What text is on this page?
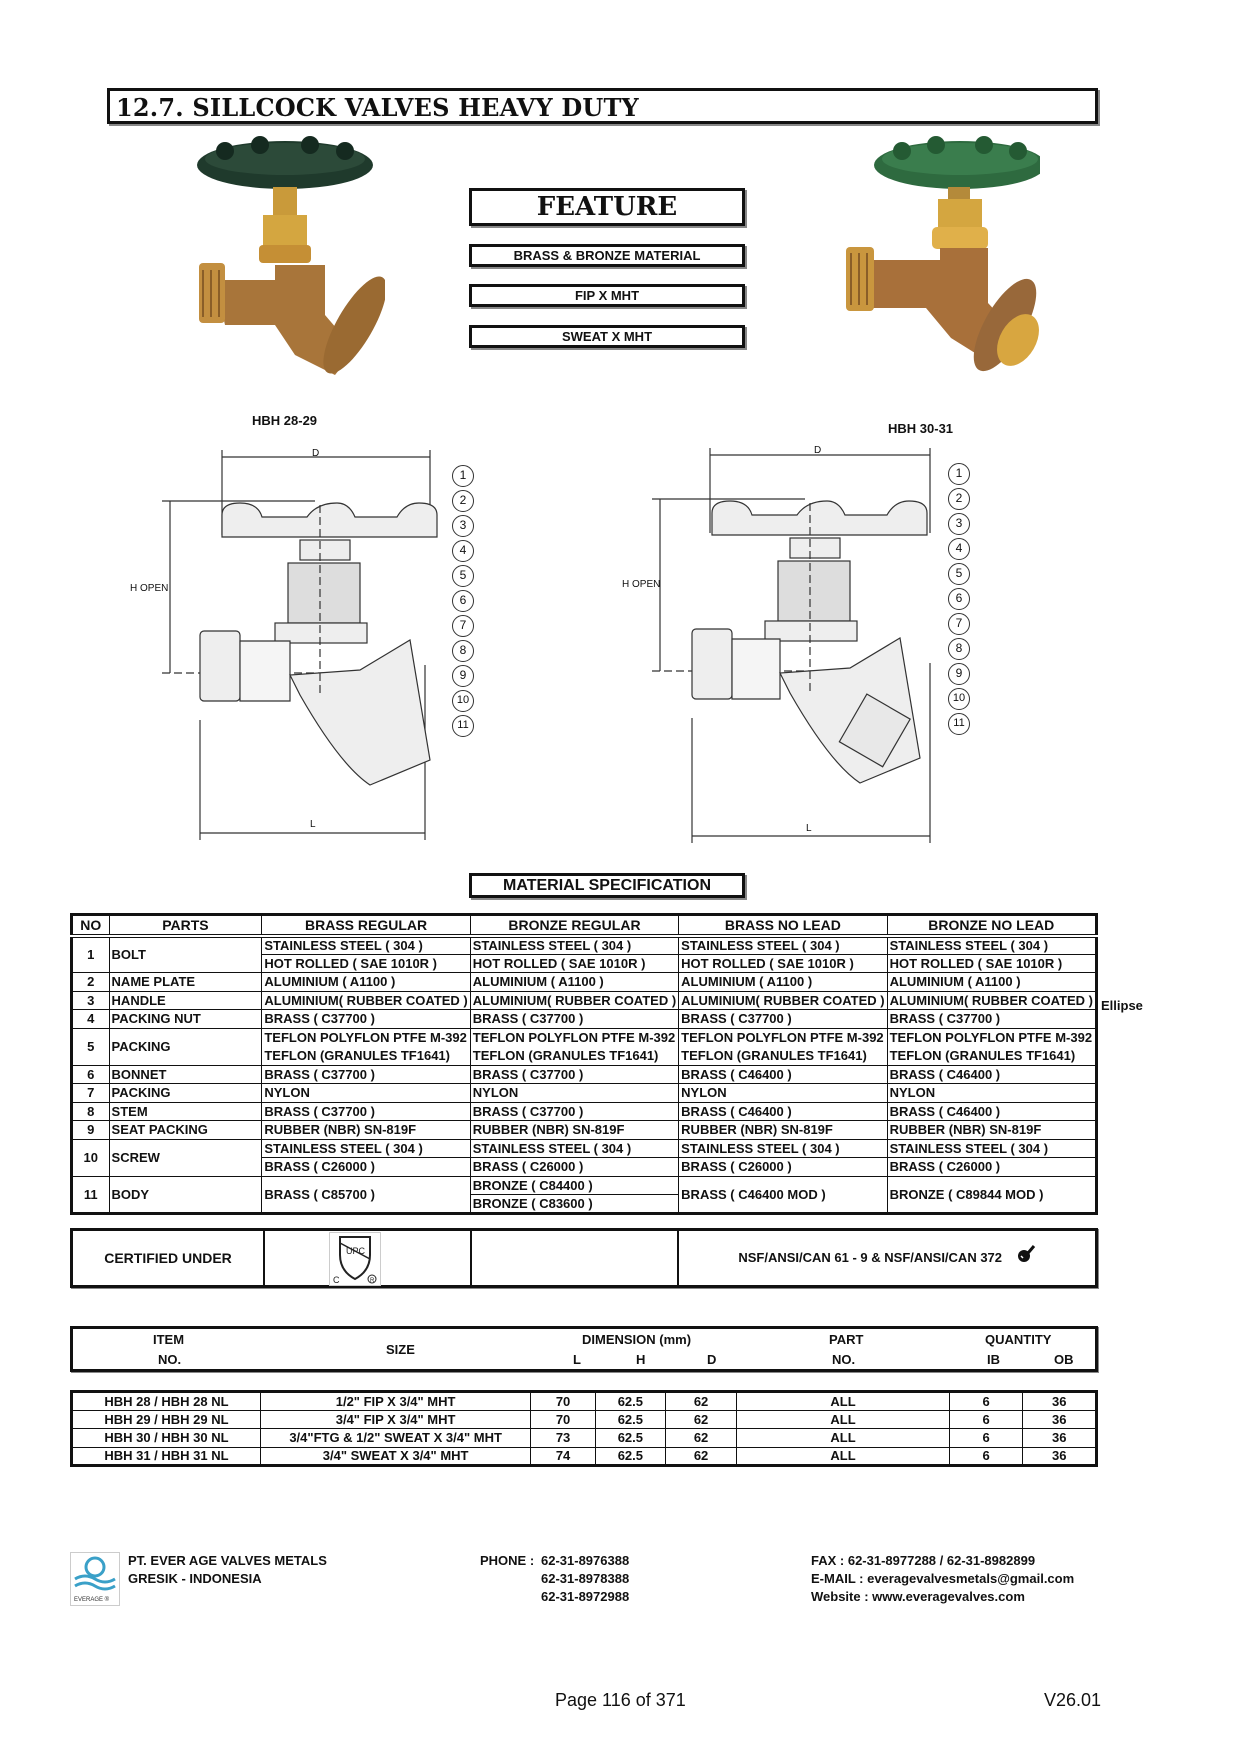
12.7. SILLCOCK VALVES HEAVY DUTY
HBH 28-29
FEATURE
BRASS & BRONZE MATERIAL
FIP X MHT
SWEAT X MHT
HBH 30-31
D
H OPEN
L
1
2
3
4
5
6
7
8
9
10
11
D
H OPEN
L
1
2
3
4
5
6
7
8
9
10
11
MATERIAL SPECIFICATION
NO	PARTS	BRASS REGULAR	BRONZE REGULAR	BRASS NO LEAD	BRONZE NO LEAD
1	BOLT	STAINLESS STEEL ( 304 )	STAINLESS STEEL ( 304 )	STAINLESS STEEL ( 304 )	STAINLESS STEEL ( 304 )
		HOT ROLLED ( SAE 1010R )	HOT ROLLED ( SAE 1010R )	HOT ROLLED ( SAE 1010R )	HOT ROLLED ( SAE 1010R )
2	NAME PLATE	ALUMINIUM ( A1100 )	ALUMINIUM ( A1100 )	ALUMINIUM ( A1100 )	ALUMINIUM ( A1100 )
3	HANDLE	ALUMINIUM( RUBBER COATED )	ALUMINIUM( RUBBER COATED )	ALUMINIUM( RUBBER COATED )	ALUMINIUM( RUBBER COATED )
4	PACKING NUT	BRASS ( C37700 )	BRASS ( C37700 )	BRASS ( C37700 )	BRASS ( C37700 )
5	PACKING	TEFLON POLYFLON PTFE M-392	TEFLON POLYFLON PTFE M-392	TEFLON POLYFLON PTFE M-392	TEFLON POLYFLON PTFE M-392
		TEFLON (GRANULES TF1641)	TEFLON (GRANULES TF1641)	TEFLON (GRANULES TF1641)	TEFLON (GRANULES TF1641)
6	BONNET	BRASS ( C37700 )	BRASS ( C37700 )	BRASS ( C46400 )	BRASS ( C46400 )
7	PACKING	NYLON	NYLON	NYLON	NYLON
8	STEM	BRASS ( C37700 )	BRASS ( C37700 )	BRASS ( C46400 )	BRASS ( C46400 )
9	SEAT PACKING	RUBBER (NBR) SN-819F	RUBBER (NBR) SN-819F	RUBBER (NBR) SN-819F	RUBBER (NBR) SN-819F
10	SCREW	STAINLESS STEEL ( 304 )	STAINLESS STEEL ( 304 )	STAINLESS STEEL ( 304 )	STAINLESS STEEL ( 304 )
		BRASS ( C26000 )	BRASS ( C26000 )	BRASS ( C26000 )	BRASS ( C26000 )
11	BODY	BRASS ( C85700 )	BRONZE ( C84400 )	BRASS ( C46400 MOD )	BRONZE ( C89844 MOD )
			BRONZE ( C83600 )		
Ellipse
CERTIFIED UNDER	UPC
C	R
NSF/ANSI/CAN 61 - 9 & NSF/ANSI/CAN 372
ITEM
NO.
SIZE
DIMENSION (mm)
L	H	D
PART
NO.
QUANTITY
IB	OB
HBH 28 / HBH 28 NL	1/2" FIP X 3/4" MHT	70	62.5	62	ALL	6	36
HBH 29 / HBH 29 NL	3/4" FIP X 3/4" MHT	70	62.5	62	ALL	6	36
HBH 30 / HBH 30 NL	3/4"FTG & 1/2" SWEAT X 3/4" MHT	73	62.5	62	ALL	6	36
HBH 31 / HBH 31 NL	3/4" SWEAT X 3/4" MHT	74	62.5	62	ALL	6	36
EVERAGE ®
PT. EVER AGE VALVES METALS
GRESIK - INDONESIA
PHONE : 62-31-8976388
62-31-8978388
62-31-8972988
FAX : 62-31-8977288 / 62-31-8982899
E-MAIL : everagevalvesmetals@gmail.com
Website : www.everagevalves.com
Page 116 of 371	V26.01
